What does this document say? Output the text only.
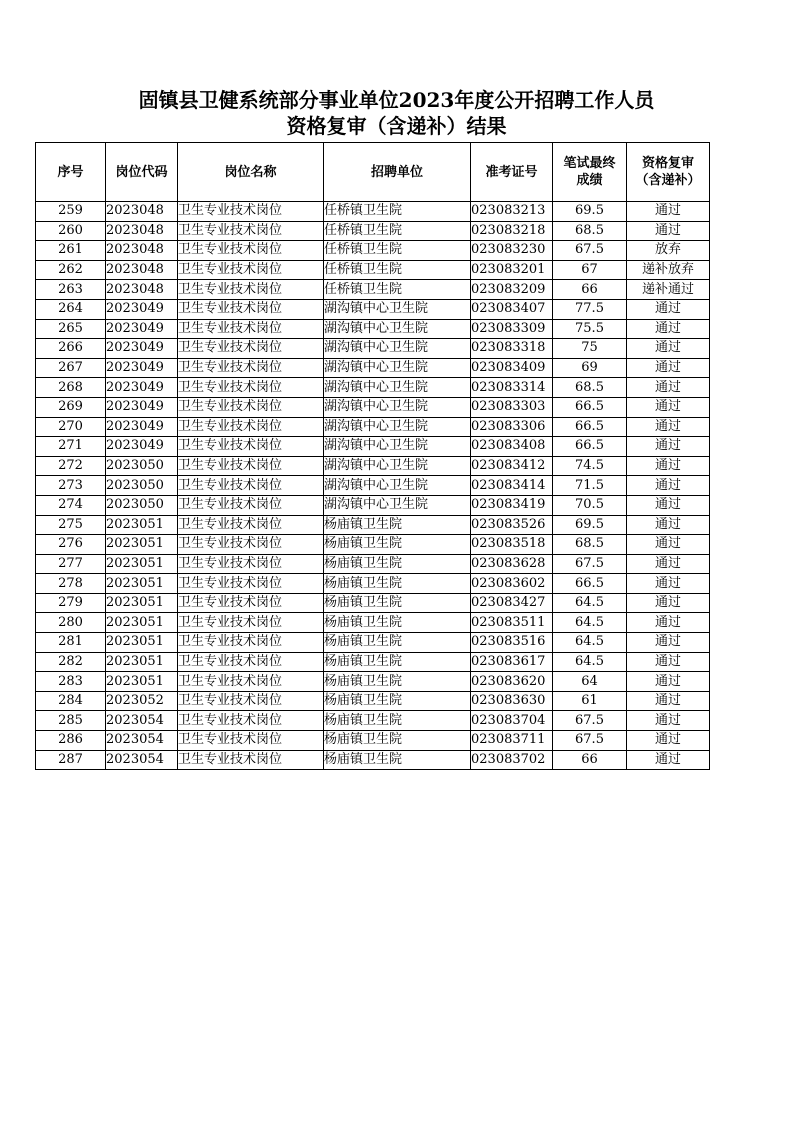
固镇县卫健系统部分事业单位2023年度公开招聘工作人员
资格复审（含递补）结果
序号	岗位代码	岗位名称	招聘单位	准考证号	笔试最终成绩	资格复审（含递补）
259	2023048	卫生专业技术岗位	任桥镇卫生院	023083213	69.5	通过
260	2023048	卫生专业技术岗位	任桥镇卫生院	023083218	68.5	通过
261	2023048	卫生专业技术岗位	任桥镇卫生院	023083230	67.5	放弃
262	2023048	卫生专业技术岗位	任桥镇卫生院	023083201	67	递补放弃
263	2023048	卫生专业技术岗位	任桥镇卫生院	023083209	66	递补通过
264	2023049	卫生专业技术岗位	湖沟镇中心卫生院	023083407	77.5	通过
265	2023049	卫生专业技术岗位	湖沟镇中心卫生院	023083309	75.5	通过
266	2023049	卫生专业技术岗位	湖沟镇中心卫生院	023083318	75	通过
267	2023049	卫生专业技术岗位	湖沟镇中心卫生院	023083409	69	通过
268	2023049	卫生专业技术岗位	湖沟镇中心卫生院	023083314	68.5	通过
269	2023049	卫生专业技术岗位	湖沟镇中心卫生院	023083303	66.5	通过
270	2023049	卫生专业技术岗位	湖沟镇中心卫生院	023083306	66.5	通过
271	2023049	卫生专业技术岗位	湖沟镇中心卫生院	023083408	66.5	通过
272	2023050	卫生专业技术岗位	湖沟镇中心卫生院	023083412	74.5	通过
273	2023050	卫生专业技术岗位	湖沟镇中心卫生院	023083414	71.5	通过
274	2023050	卫生专业技术岗位	湖沟镇中心卫生院	023083419	70.5	通过
275	2023051	卫生专业技术岗位	杨庙镇卫生院	023083526	69.5	通过
276	2023051	卫生专业技术岗位	杨庙镇卫生院	023083518	68.5	通过
277	2023051	卫生专业技术岗位	杨庙镇卫生院	023083628	67.5	通过
278	2023051	卫生专业技术岗位	杨庙镇卫生院	023083602	66.5	通过
279	2023051	卫生专业技术岗位	杨庙镇卫生院	023083427	64.5	通过
280	2023051	卫生专业技术岗位	杨庙镇卫生院	023083511	64.5	通过
281	2023051	卫生专业技术岗位	杨庙镇卫生院	023083516	64.5	通过
282	2023051	卫生专业技术岗位	杨庙镇卫生院	023083617	64.5	通过
283	2023051	卫生专业技术岗位	杨庙镇卫生院	023083620	64	通过
284	2023052	卫生专业技术岗位	杨庙镇卫生院	023083630	61	通过
285	2023054	卫生专业技术岗位	杨庙镇卫生院	023083704	67.5	通过
286	2023054	卫生专业技术岗位	杨庙镇卫生院	023083711	67.5	通过
287	2023054	卫生专业技术岗位	杨庙镇卫生院	023083702	66	通过
